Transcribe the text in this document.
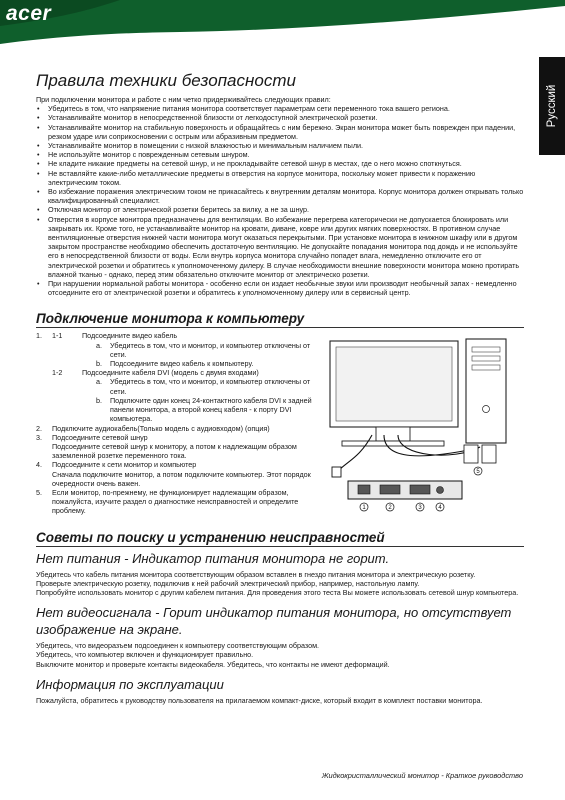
acer
Русский
Правила техники безопасности
При подключении монитора и работе с ним четко придерживайтесь следующих правил:
• Убедитесь в том, что напряжение питания монитора соответствует параметрам сети переменного тока вашего региона.
• Устанавливайте монитор в непосредственной близости от легкодоступной электрической розетки.
• Устанавливайте монитор на стабильную поверхность и обращайтесь с ним бережно. Экран монитора может быть поврежден при падении, резком ударе или соприкосновении с острым или абразивным предметом.
• Устанавливайте монитор в помещении с низкой влажностью и минимальным наличием пыли.
• Не используйте монитор с поврежденным сетевым шнуром.
• Не кладите никакие предметы на сетевой шнур, и не прокладывайте сетевой шнур в местах, где о него можно споткнуться.
• Не вставляйте какие-либо металлические предметы в отверстия на корпусе монитора, поскольку может привести к поражению электрическим током.
• Во избежание поражения электрическим током не прикасайтесь к внутренним деталям монитора. Корпус монитора должен открывать только квалифицированный специалист.
• Отключая монитор от электрической розетки беритесь за вилку, а не за шнур.
• Отверстия в корпусе монитора предназначены для вентиляции. Во избежание перегрева категорически не допускается блокировать или закрывать их. Кроме того, не устанавливайте монитор на кровати, диване, ковре или других мягких поверхностях. В противном случае вентиляционные отверстия нижней части монитора могут оказаться перекрытыми. При установке монитора в книжном шкафу или в другом закрытом пространстве необходимо обеспечить достаточную вентиляцию. Не допускайте попадания монитора под дождь и не используйте его в непосредственной близости от воды. Если внутрь корпуса монитора случайно попадет влага, немедленно отключите его от электрической розетки и обратитесь к уполномоченному дилеру. В случае необходимости внешние поверхности монитора можно протирать влажной тканью - однако, перед этим обязательно отключите монитор от электрическо розетки.
• При нарушении нормальной работы монитора - особенно если он издает необычные звуки или производит необычный запах - немедленно отсоедините его от электрической розетки и обратитесь к уполномоченному дилеру или в сервисный центр.
Подключение монитора к компьютеру
1.	1-1	Подсоедините видео кабель
a.	Убедитесь в том, что и монитор, и компьютер отключены от сети.
b.	Подсоедините видео кабель к компьютеру.
1-2	Подсоедините кабеля DVI (модель с двумя входами)
a.	Убедитесь в том, что и монитор, и компьютер отключены от сети.
b.	Подключите один конец 24-контактного кабеля DVI к задней панели монитора, а второй конец кабеля - к порту DVI компьютера.
2.	Подключите аудиокабель(Только модель с аудиовходом) (опция)
3.	Подсоедините сетевой шнур
Подсоедините сетевой шнур к монитору, а потом к надлежащим образом заземленной розетке переменного тока.
4.	Подсоедините к сети монитор и компьютер
Сначала подключите монитор, а потом подключите компьютер. Этот порядок очередности очень важен.
5.	Если монитор, по-прежнему, не функционирует надлежащим образом, пожалуйста, изучите раздел о диагностике неисправностей и определите проблему.	1	2	3	4
5
Советы по поиску и устранению неисправностей
Нет питания - Индикатор питания монитора не горит.
Убедитесь что кабель питания монитора соответствующим образом вставлен в гнездо питания монитора и электрическую розетку.
Проверьте электрическую розетку, подключив к ней рабочий электрический прибор, например, настольную лампу.
Попробуйте использовать монитор с другим кабелем питания. Для проведения этого теста Вы можете использовать сетевой шнур компьютера.
Нет видеосигнала - Горит индикатор питания монитора, но отсутствует изображение на экране.
Убедитесь, что видеоразъем подсоединен к компьютеру соответствующим образом.
Убедитесь, что компьютер включен и функционирует правильно.
Выключите монитор и проверьте контакты видеокабеля. Убедитесь, что контакты не имеют деформаций.
Информация по эксплуатации
Пожалуйста, обратитесь к руководству пользователя на прилагаемом компакт-диске, который входит в комплект поставки монитора.
Жидкокристаллический монитор - Краткое руководство
